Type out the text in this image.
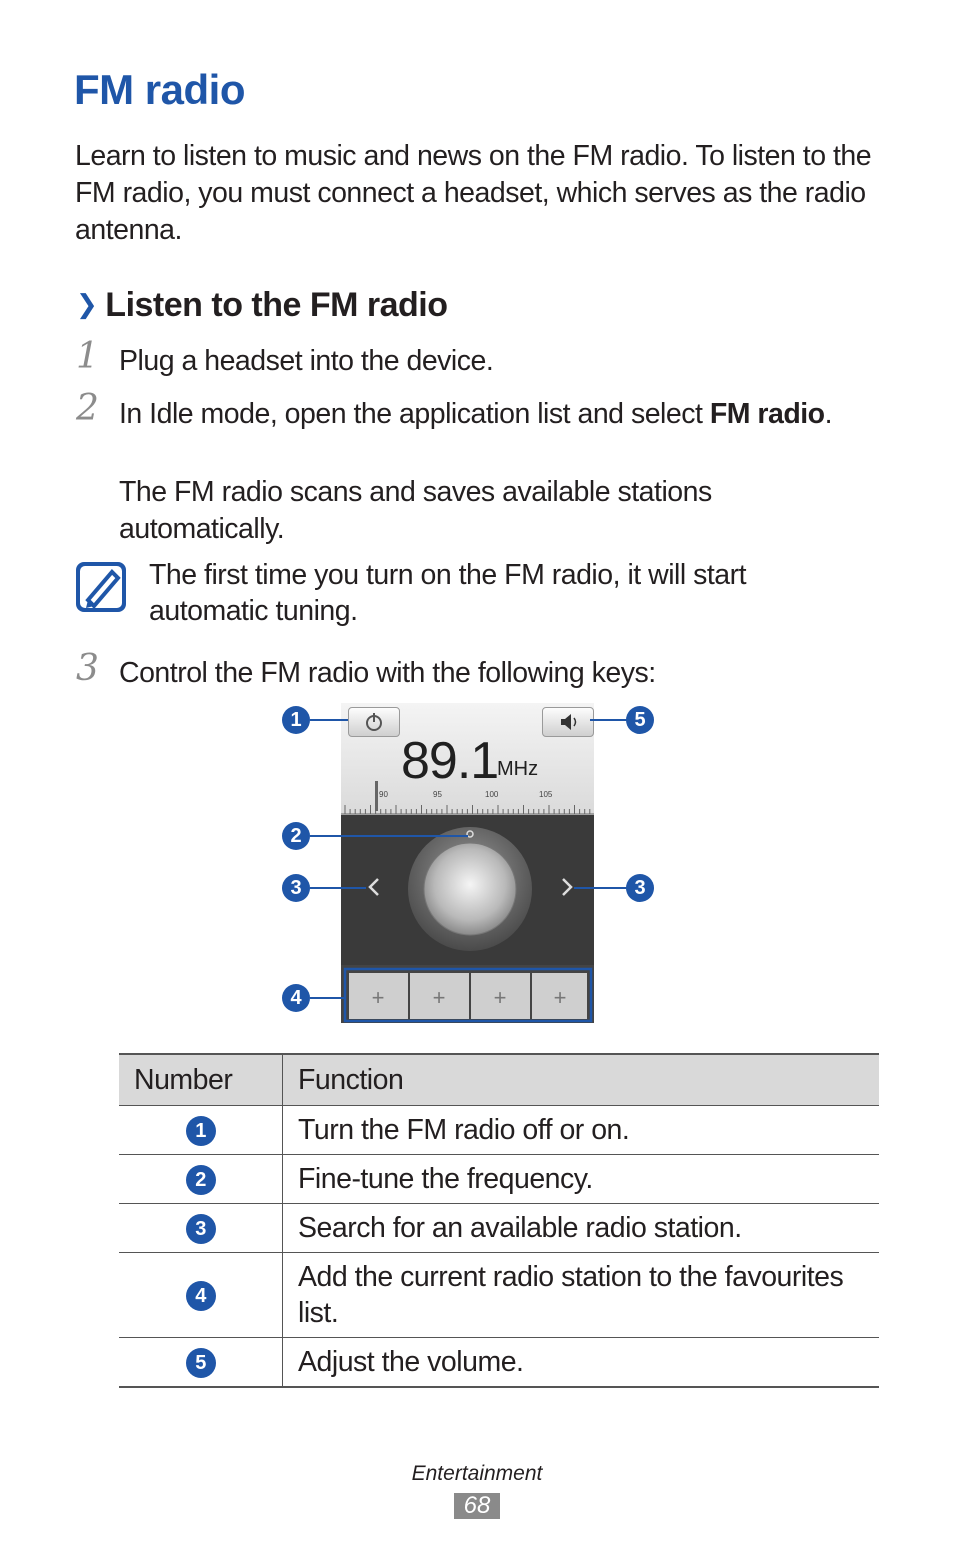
FM radio

Learn to listen to music and news on the FM radio. To listen to the FM radio, you must connect a headset, which serves as the radio antenna.

❯ Listen to the FM radio
1 Plug a headset into the device.

2 In Idle mode, open the application list and select FM radio.

The FM radio scans and saves available stations automatically.

The first time you turn on the FM radio, it will start automatic tuning.

3 Control the FM radio with the following keys:

89.1
MHz
90	95	100	105
+ + + +
1	5
2
3	3
4
Number	Function
1	Turn the FM radio off or on.
2	Fine-tune the frequency.
3	Search for an available radio station.
4	Add the current radio station to the favourites list.
5	Adjust the volume.
Entertainment
68
